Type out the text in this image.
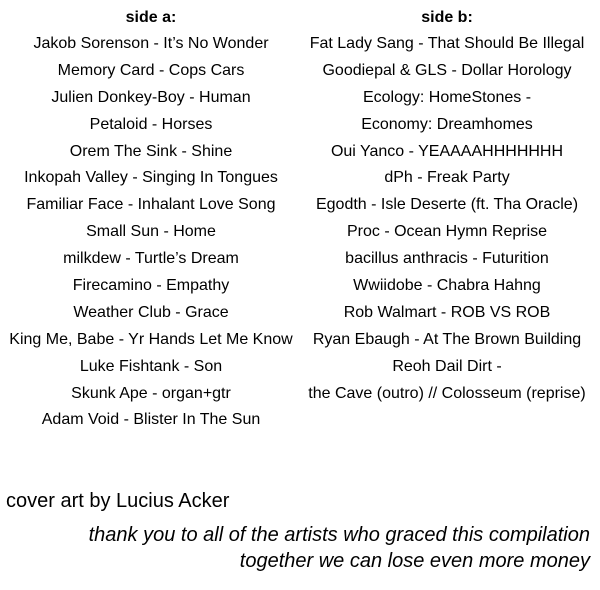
side a:
Jakob Sorenson - It’s No Wonder
Memory Card - Cops Cars
Julien Donkey-Boy - Human
Petaloid - Horses
Orem The Sink - Shine
Inkopah Valley - Singing In Tongues
Familiar Face - Inhalant Love Song
Small Sun - Home
milkdew - Turtle’s Dream
Firecamino - Empathy
Weather Club - Grace
King Me, Babe - Yr Hands Let Me Know
Luke Fishtank - Son
Skunk Ape - organ+gtr
Adam Void - Blister In The Sun
side b:
Fat Lady Sang - That Should Be Illegal
Goodiepal & GLS - Dollar Horology
Ecology: HomeStones -
Economy: Dreamhomes
Oui Yanco - YEAAAAHHHHHHH
dPh - Freak Party
Egodth - Isle Deserte (ft. Tha Oracle)
Proc - Ocean Hymn Reprise
bacillus anthracis - Futurition
Wwiidobe - Chabra Hahng
Rob Walmart - ROB VS ROB
Ryan Ebaugh - At The Brown Building
Reoh Dail Dirt -
the Cave (outro) // Colosseum (reprise)
cover art by Lucius Acker
thank you to all of the artists who graced this compilation
together we can lose even more money
